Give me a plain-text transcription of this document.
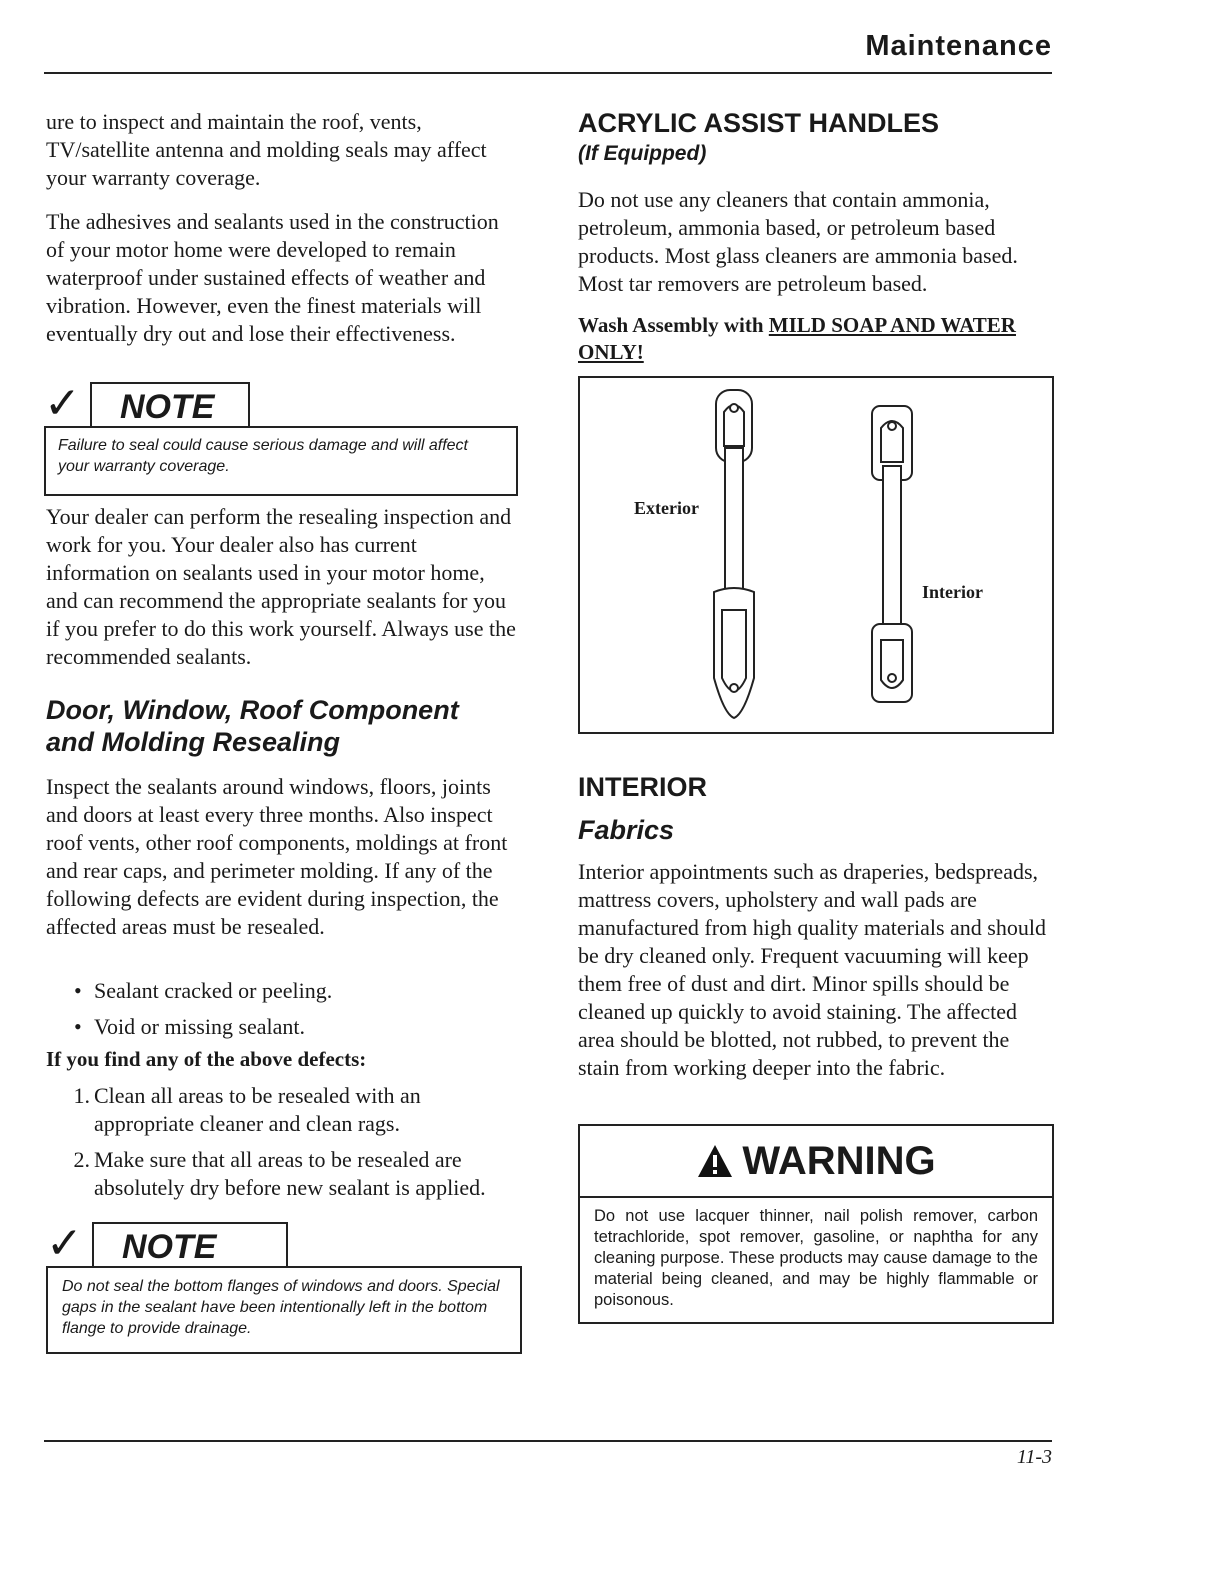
Maintenance

ure to inspect and maintain the roof, vents, TV/satellite antenna and molding seals may affect your warranty coverage.

The adhesives and sealants used in the construction of your motor home were developed to remain waterproof under sustained effects of weather and vibration. However, even the finest materials will eventually dry out and lose their effectiveness.

✓	NOTE
Failure to seal could cause serious damage and will affect your warranty coverage.

Your dealer can perform the resealing inspection and work for you. Your dealer also has current information on sealants used in your motor home, and can recommend the appropriate sealants for you if you prefer to do this work yourself. Always use the recommended sealants.

Door, Window, Roof Component and Molding Resealing

Inspect the sealants around windows, floors, joints and doors at least every three months. Also inspect roof vents, other roof components, moldings at front and rear caps, and perimeter molding. If any of the following defects are evident during inspection, the affected areas must be resealed.

• Sealant cracked or peeling.
• Void or missing sealant.
If you find any of the above defects:
1. Clean all areas to be resealed with an appropriate cleaner and clean rags.
2. Make sure that all areas to be resealed are absolutely dry before new sealant is applied.
✓	NOTE
Do not seal the bottom flanges of windows and doors. Special gaps in the sealant have been intentionally left in the bottom flange to provide drainage.
ACRYLIC ASSIST HANDLES
(If Equipped)

Do not use any cleaners that contain ammonia, petroleum, ammonia based, or petroleum based products. Most glass cleaners are ammonia based. Most tar removers are petroleum based.

Wash Assembly with MILD SOAP AND WATER ONLY!
Exterior
Interior
INTERIOR
Fabrics

Interior appointments such as draperies, bedspreads, mattress covers, upholstery and wall pads are manufactured from high quality materials and should be dry cleaned only. Frequent vacuuming will keep them free of dust and dirt. Minor spills should be cleaned up quickly to avoid staining. The affected area should be blotted, not rubbed, to prevent the stain from working deeper into the fabric.

WARNING
Do not use lacquer thinner, nail polish remover, carbon tetrachloride, spot remover, gasoline, or naphtha for any cleaning purpose. These products may cause damage to the material being cleaned, and may be highly flammable or poisonous.
11-3
